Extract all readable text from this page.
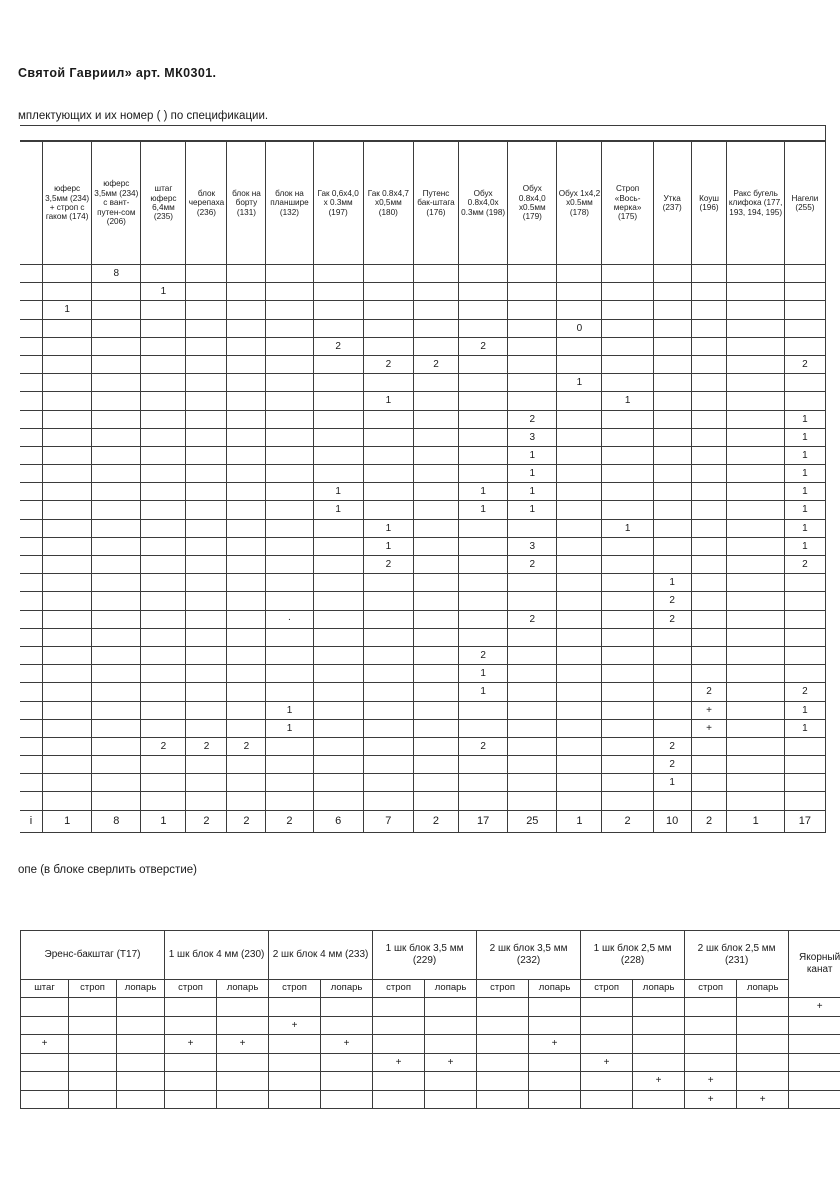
Святой Гавриил» арт. МК0301.
мплектующих и их номер ( ) по спецификации.
	юферс 3,5мм (234) + строп с гаком (174)	юферс 3,5мм (234) с вант-путен-сом (206)	штаг юферс 6,4мм (235)	блок черепаха (236)	блок на борту (131)	блок на планшире (132)	Гак 0,6х4,0 х 0.3мм (197)	Гак 0.8х4,7 х0,5мм (180)	Путенс бак-штага (176)	Обух 0.8х4,0х 0.3мм (198)	Обух 0.8х4,0 х0.5мм (179)	Обух 1х4,2 х0.5мм (178)	Строп «Вось-мерка» (175)	Утка (237)	Коуш (196)	Ракс бугель клифока (177, 193, 194, 195)	Нагели (255)
		8															
			1														
	1																
												0					
							2			2							
								2	2								2
												1					
								1					1				
											2						1
											3						1
											1						1
											1						1
							1			1	1						1
							1			1	1						1
								1					1				1
								1			3						1
								2			2						2
														1			
														2			
						·					2			2			

										2							
										1							
										1					2		2
						1									+		1
						1									+		1
			2	2	2					2				2			
														2			
														1			

i	1	8	1	2	2	2	6	7	2	17	25	1	2	10	2	1	17
опе (в блоке сверлить отверстие)
Эренс-бакштаг (Т17)			1 шк блок 4 мм (230)		2 шк блок 4 мм (233)		1 шк блок 3,5 мм (229)		2 шк блок 3,5 мм (232)		1 шк блок 2,5 мм (228)		2 шк блок 2,5 мм (231)		Якорный канат
штаг	строп	лопарь	строп	лопарь	строп	лопарь	строп	лопарь	строп	лопарь	строп	лопарь	строп	лопарь	
															+
					+										
+			+	+		+				+					
							+	+			+				
												+	+		
													+	+	
